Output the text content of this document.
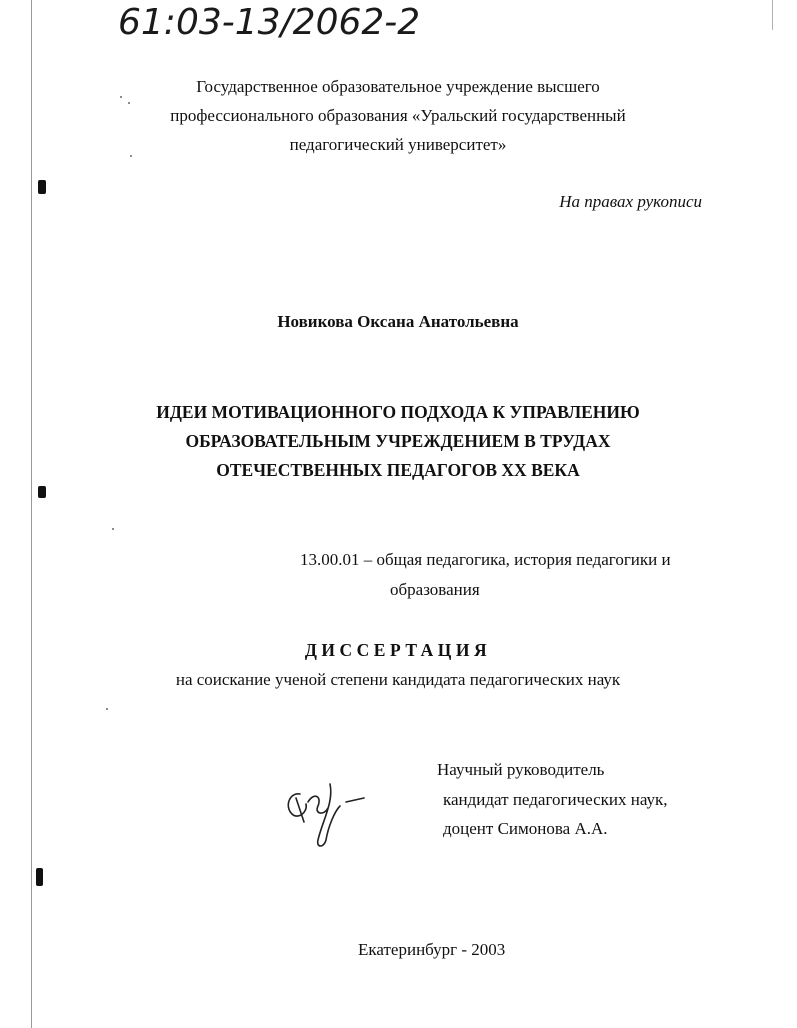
61:03-13/2062-2
Государственное образовательное учреждение высшего
профессионального образования «Уральский государственный
педагогический университет»
На правах рукописи
Новикова Оксана Анатольевна
ИДЕИ МОТИВАЦИОННОГО ПОДХОДА К УПРАВЛЕНИЮ
ОБРАЗОВАТЕЛЬНЫМ УЧРЕЖДЕНИЕМ В ТРУДАХ
ОТЕЧЕСТВЕННЫХ ПЕДАГОГОВ XX ВЕКА
13.00.01 – общая педагогика, история педагогики и
образования
ДИССЕРТАЦИЯ
на соискание ученой степени кандидата педагогических наук
Научный руководитель
кандидат педагогических наук,
доцент Симонова А.А.
Екатеринбург - 2003
